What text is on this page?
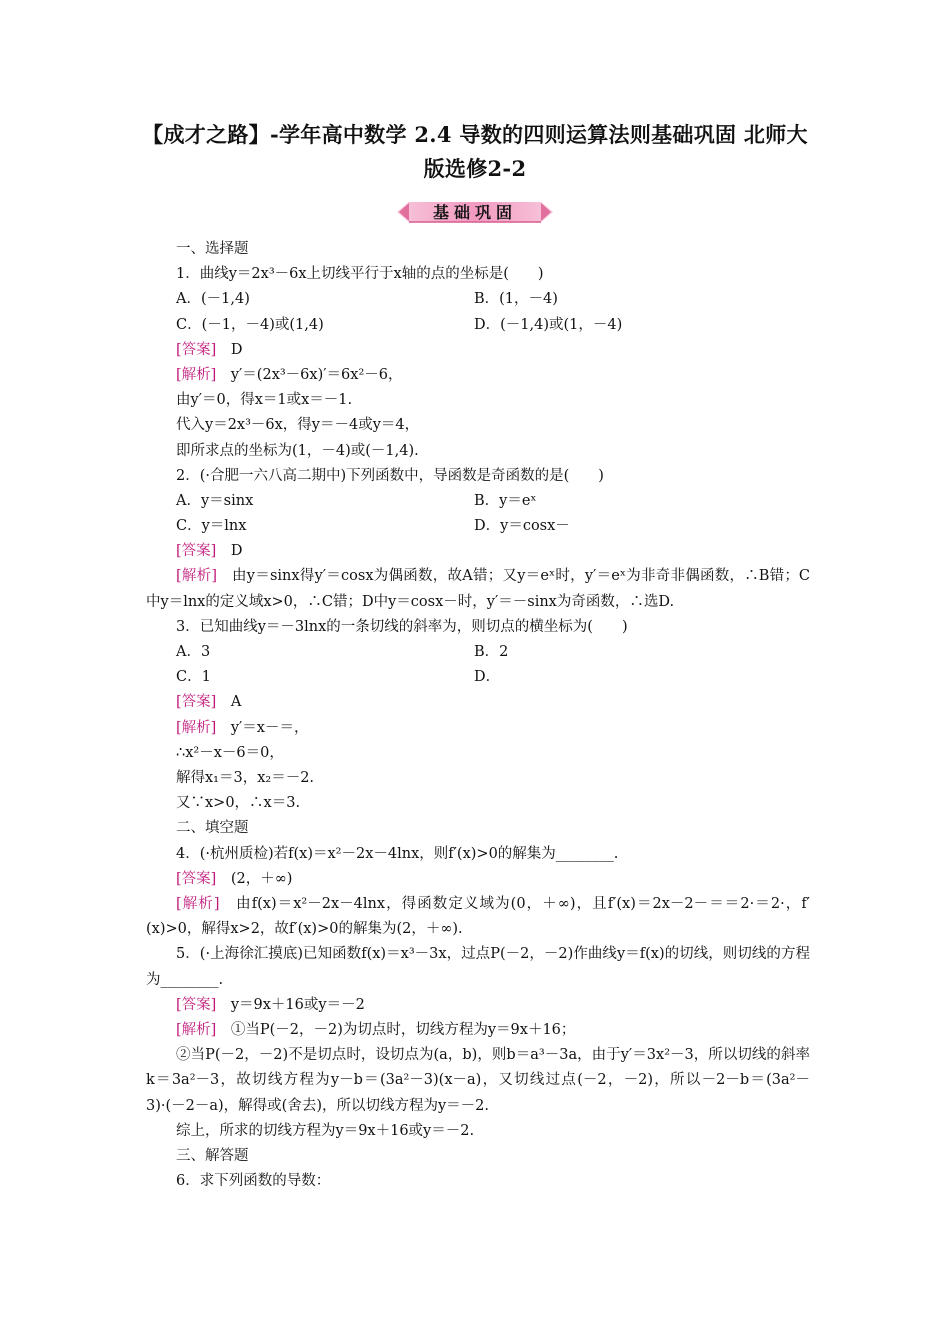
【成才之路】-学年高中数学 2.4 导数的四则运算法则基础巩固 北师大版选修2-2
基础巩固
一、选择题
1．曲线y＝2x³－6x上切线平行于x轴的点的坐标是(　　)
A．(－1,4)	B．(1，－4)
C．(－1，－4)或(1,4)	D．(－1,4)或(1，－4)
[答案]　D
[解析]　y′＝(2x³－6x)′＝6x²－6，
由y′＝0，得x＝1或x＝－1.
代入y＝2x³－6x，得y＝－4或y＝4，
即所求点的坐标为(1，－4)或(－1,4).
2．(·合肥一六八高二期中)下列函数中，导函数是奇函数的是(　　)
A．y＝sinx	B．y＝eˣ
C．y＝lnx	D．y＝cosx－
[答案]　D
[解析]　由y＝sinx得y′＝cosx为偶函数，故A错；又y＝eˣ时，y′＝eˣ为非奇非偶函数，∴B错；C中y＝lnx的定义域x>0，∴C错；D中y＝cosx－时，y′＝－sinx为奇函数，∴选D.
3．已知曲线y＝－3lnx的一条切线的斜率为，则切点的横坐标为(　　)
A．3	B．2
C．1	D．
[答案]　A
[解析]　y′＝x－＝，
∴x²－x－6＝0，
解得x₁＝3，x₂＝－2.
又∵x>0，∴x＝3.
二、填空题
4．(·杭州质检)若f(x)＝x²－2x－4lnx，则f′(x)>0的解集为________.
[答案]　(2，＋∞)
[解析]　由f(x)＝x²－2x－4lnx，得函数定义域为(0，＋∞)，且f′(x)＝2x－2－＝＝2·＝2·，f′(x)>0，解得x>2，故f′(x)>0的解集为(2，＋∞).
5．(·上海徐汇摸底)已知函数f(x)＝x³－3x，过点P(－2，－2)作曲线y＝f(x)的切线，则切线的方程为________.
[答案]　y＝9x＋16或y＝－2
[解析]　①当P(－2，－2)为切点时，切线方程为y＝9x＋16；
②当P(－2，－2)不是切点时，设切点为(a，b)，则b＝a³－3a，由于y′＝3x²－3，所以切线的斜率k＝3a²－3，故切线方程为y－b＝(3a²－3)(x－a)，又切线过点(－2，－2)，所以－2－b＝(3a²－3)·(－2－a)，解得或(舍去)，所以切线方程为y＝－2.
综上，所求的切线方程为y＝9x＋16或y＝－2.
三、解答题
6．求下列函数的导数：
